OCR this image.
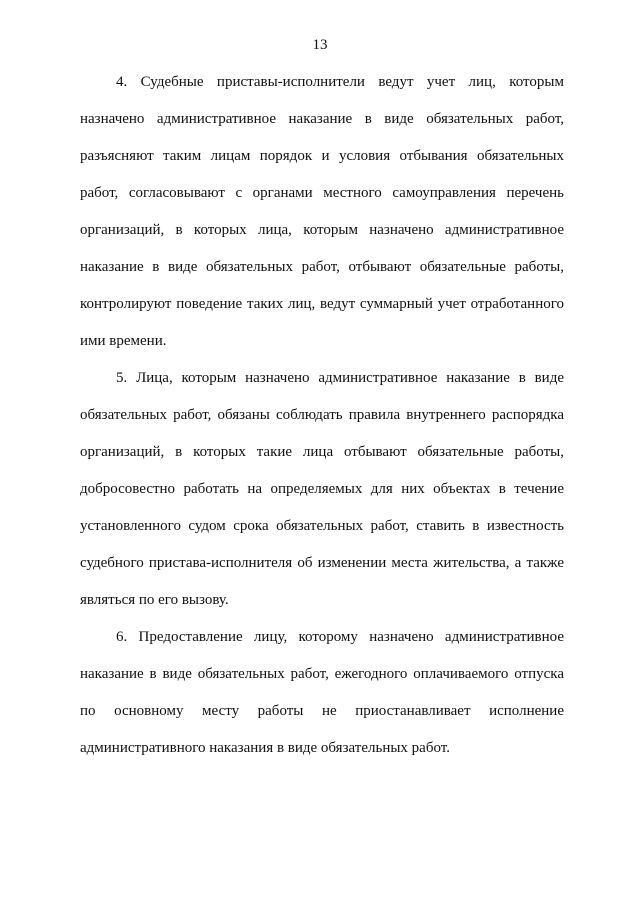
13

4. Судебные приставы-исполнители ведут учет лиц, которым назначено административное наказание в виде обязательных работ, разъясняют таким лицам порядок и условия отбывания обязательных работ, согласовывают с органами местного самоуправления перечень организаций, в которых лица, которым назначено административное наказание в виде обязательных работ, отбывают обязательные работы, контролируют поведение таких лиц, ведут суммарный учет отработанного ими времени.

5. Лица, которым назначено административное наказание в виде обязательных работ, обязаны соблюдать правила внутреннего распорядка организаций, в которых такие лица отбывают обязательные работы, добросовестно работать на определяемых для них объектах в течение установленного судом срока обязательных работ, ставить в известность судебного пристава-исполнителя об изменении места жительства, а также являться по его вызову.

6. Предоставление лицу, которому назначено административное наказание в виде обязательных работ, ежегодного оплачиваемого отпуска по основному месту работы не приостанавливает исполнение административного наказания в виде обязательных работ.
